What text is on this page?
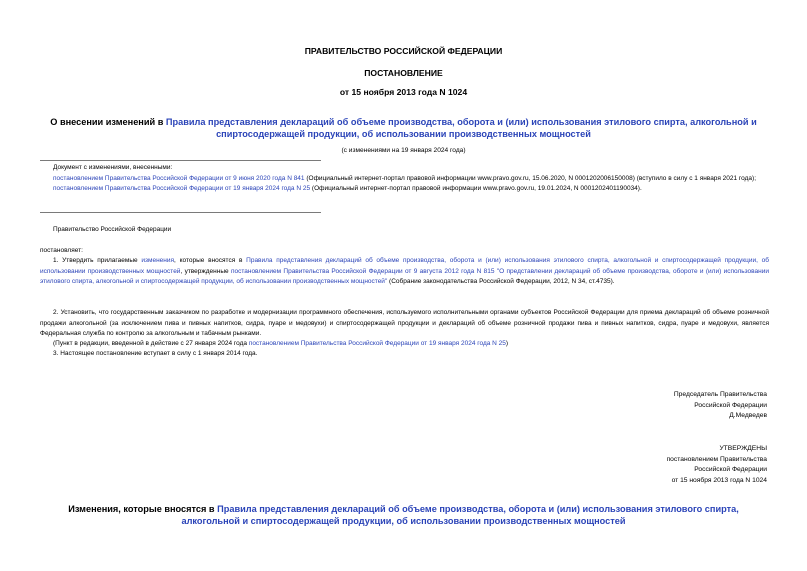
ПРАВИТЕЛЬСТВО РОССИЙСКОЙ ФЕДЕРАЦИИ
ПОСТАНОВЛЕНИЕ
от 15 ноября 2013 года N 1024
О внесении изменений в Правила представления деклараций об объеме производства, оборота и (или) использования этилового спирта, алкогольной и спиртосодержащей продукции, об использовании производственных мощностей
(с изменениями на 19 января 2024 года)
Документ с изменениями, внесенными:
постановлением Правительства Российской Федерации от 9 июня 2020 года N 841 (Официальный интернет-портал правовой информации www.pravo.gov.ru, 15.06.2020, N 0001202006150008) (вступило в силу с 1 января 2021 года);
постановлением Правительства Российской Федерации от 19 января 2024 года N 25 (Официальный интернет-портал правовой информации www.pravo.gov.ru, 19.01.2024, N 0001202401190034).
Правительство Российской Федерации
постановляет:
1. Утвердить прилагаемые изменения, которые вносятся в Правила представления деклараций об объеме производства, оборота и (или) использования этилового спирта, алкогольной и спиртосодержащей продукции, об использовании производственных мощностей, утвержденные постановлением Правительства Российской Федерации от 9 августа 2012 года N 815 "О представлении деклараций об объеме производства, обороте и (или) использовании этилового спирта, алкогольной и спиртосодержащей продукции, об использовании производственных мощностей" (Собрание законодательства Российской Федерации, 2012, N 34, ст.4735).
2. Установить, что государственным заказчиком по разработке и модернизации программного обеспечения, используемого исполнительными органами субъектов Российской Федерации для приема деклараций об объеме розничной продажи алкогольной (за исключением пива и пивных напитков, сидра, пуаре и медовухи) и спиртосодержащей продукции и деклараций об объеме розничной продажи пива и пивных напитков, сидра, пуаре и медовухи, является Федеральная служба по контролю за алкогольным и табачным рынками.
(Пункт в редакции, введенной в действие с 27 января 2024 года постановлением Правительства Российской Федерации от 19 января 2024 года N 25)
3. Настоящее постановление вступает в силу с 1 января 2014 года.
Председатель Правительства
Российской Федерации
Д.Медведев
УТВЕРЖДЕНЫ
постановлением Правительства
Российской Федерации
от 15 ноября 2013 года N 1024
Изменения, которые вносятся в Правила представления деклараций об объеме производства, оборота и (или) использования этилового спирта, алкогольной и спиртосодержащей продукции, об использовании производственных мощностей
